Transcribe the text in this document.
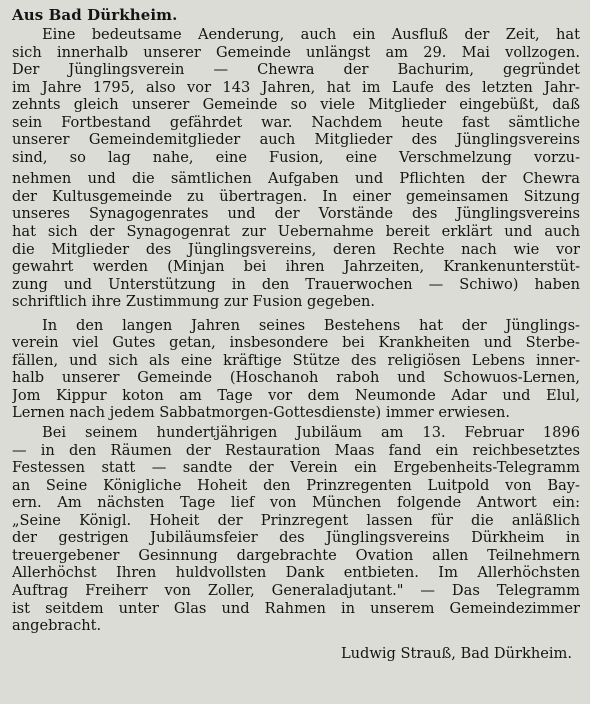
Aus Bad Dürkheim.
Eine bedeutsame Aenderung, auch ein Ausfluß der Zeit, hat
sich innerhalb unserer Gemeinde unlängst am 29. Mai vollzogen.
Der Jünglingsverein — Chewra der Bachurim, gegründet
im Jahre 1795, also vor 143 Jahren, hat im Laufe des letzten Jahr-
zehnts gleich unserer Gemeinde so viele Mitglieder eingebüßt, daß
sein Fortbestand gefährdet war. Nachdem heute fast sämtliche
unserer Gemeindemitglieder auch Mitglieder des Jünglingsvereins
sind, so lag nahe, eine Fusion, eine Verschmelzung vorzu-
nehmen und die sämtlichen Aufgaben und Pflichten der Chewra
der Kultusgemeinde zu übertragen. In einer gemeinsamen Sitzung
unseres Synagogenrates und der Vorstände des Jünglingsvereins
hat sich der Synagogenrat zur Uebernahme bereit erklärt und auch
die Mitglieder des Jünglingsvereins, deren Rechte nach wie vor
gewahrt werden (Minjan bei ihren Jahrzeiten, Krankenunterstüt-
zung und Unterstützung in den Trauerwochen — Schiwo) haben
schriftlich ihre Zustimmung zur Fusion gegeben.
In den langen Jahren seines Bestehens hat der Jünglings-
verein viel Gutes getan, insbesondere bei Krankheiten und Sterbe-
fällen, und sich als eine kräftige Stütze des religiösen Lebens inner-
halb unserer Gemeinde (Hoschanoh raboh und Schowuos-Lernen,
Jom Kippur koton am Tage vor dem Neumonde Adar und Elul,
Lernen nach jedem Sabbatmorgen-Gottesdienste) immer erwiesen.
Bei seinem hundertjährigen Jubiläum am 13. Februar 1896
— in den Räumen der Restauration Maas fand ein reichbesetztes
Festessen statt — sandte der Verein ein Ergebenheits-Telegramm
an Seine Königliche Hoheit den Prinzregenten Luitpold von Bay-
ern. Am nächsten Tage lief von München folgende Antwort ein:
„Seine Königl. Hoheit der Prinzregent lassen für die anläßlich
der gestrigen Jubiläumsfeier des Jünglingsvereins Dürkheim in
treuergebener Gesinnung dargebrachte Ovation allen Teilnehmern
Allerhöchst Ihren huldvollsten Dank entbieten. Im Allerhöchsten
Auftrag Freiherr von Zoller, Generaladjutant." — Das Telegramm
ist seitdem unter Glas und Rahmen in unserem Gemeindezimmer
angebracht.
Ludwig Strauß, Bad Dürkheim.
